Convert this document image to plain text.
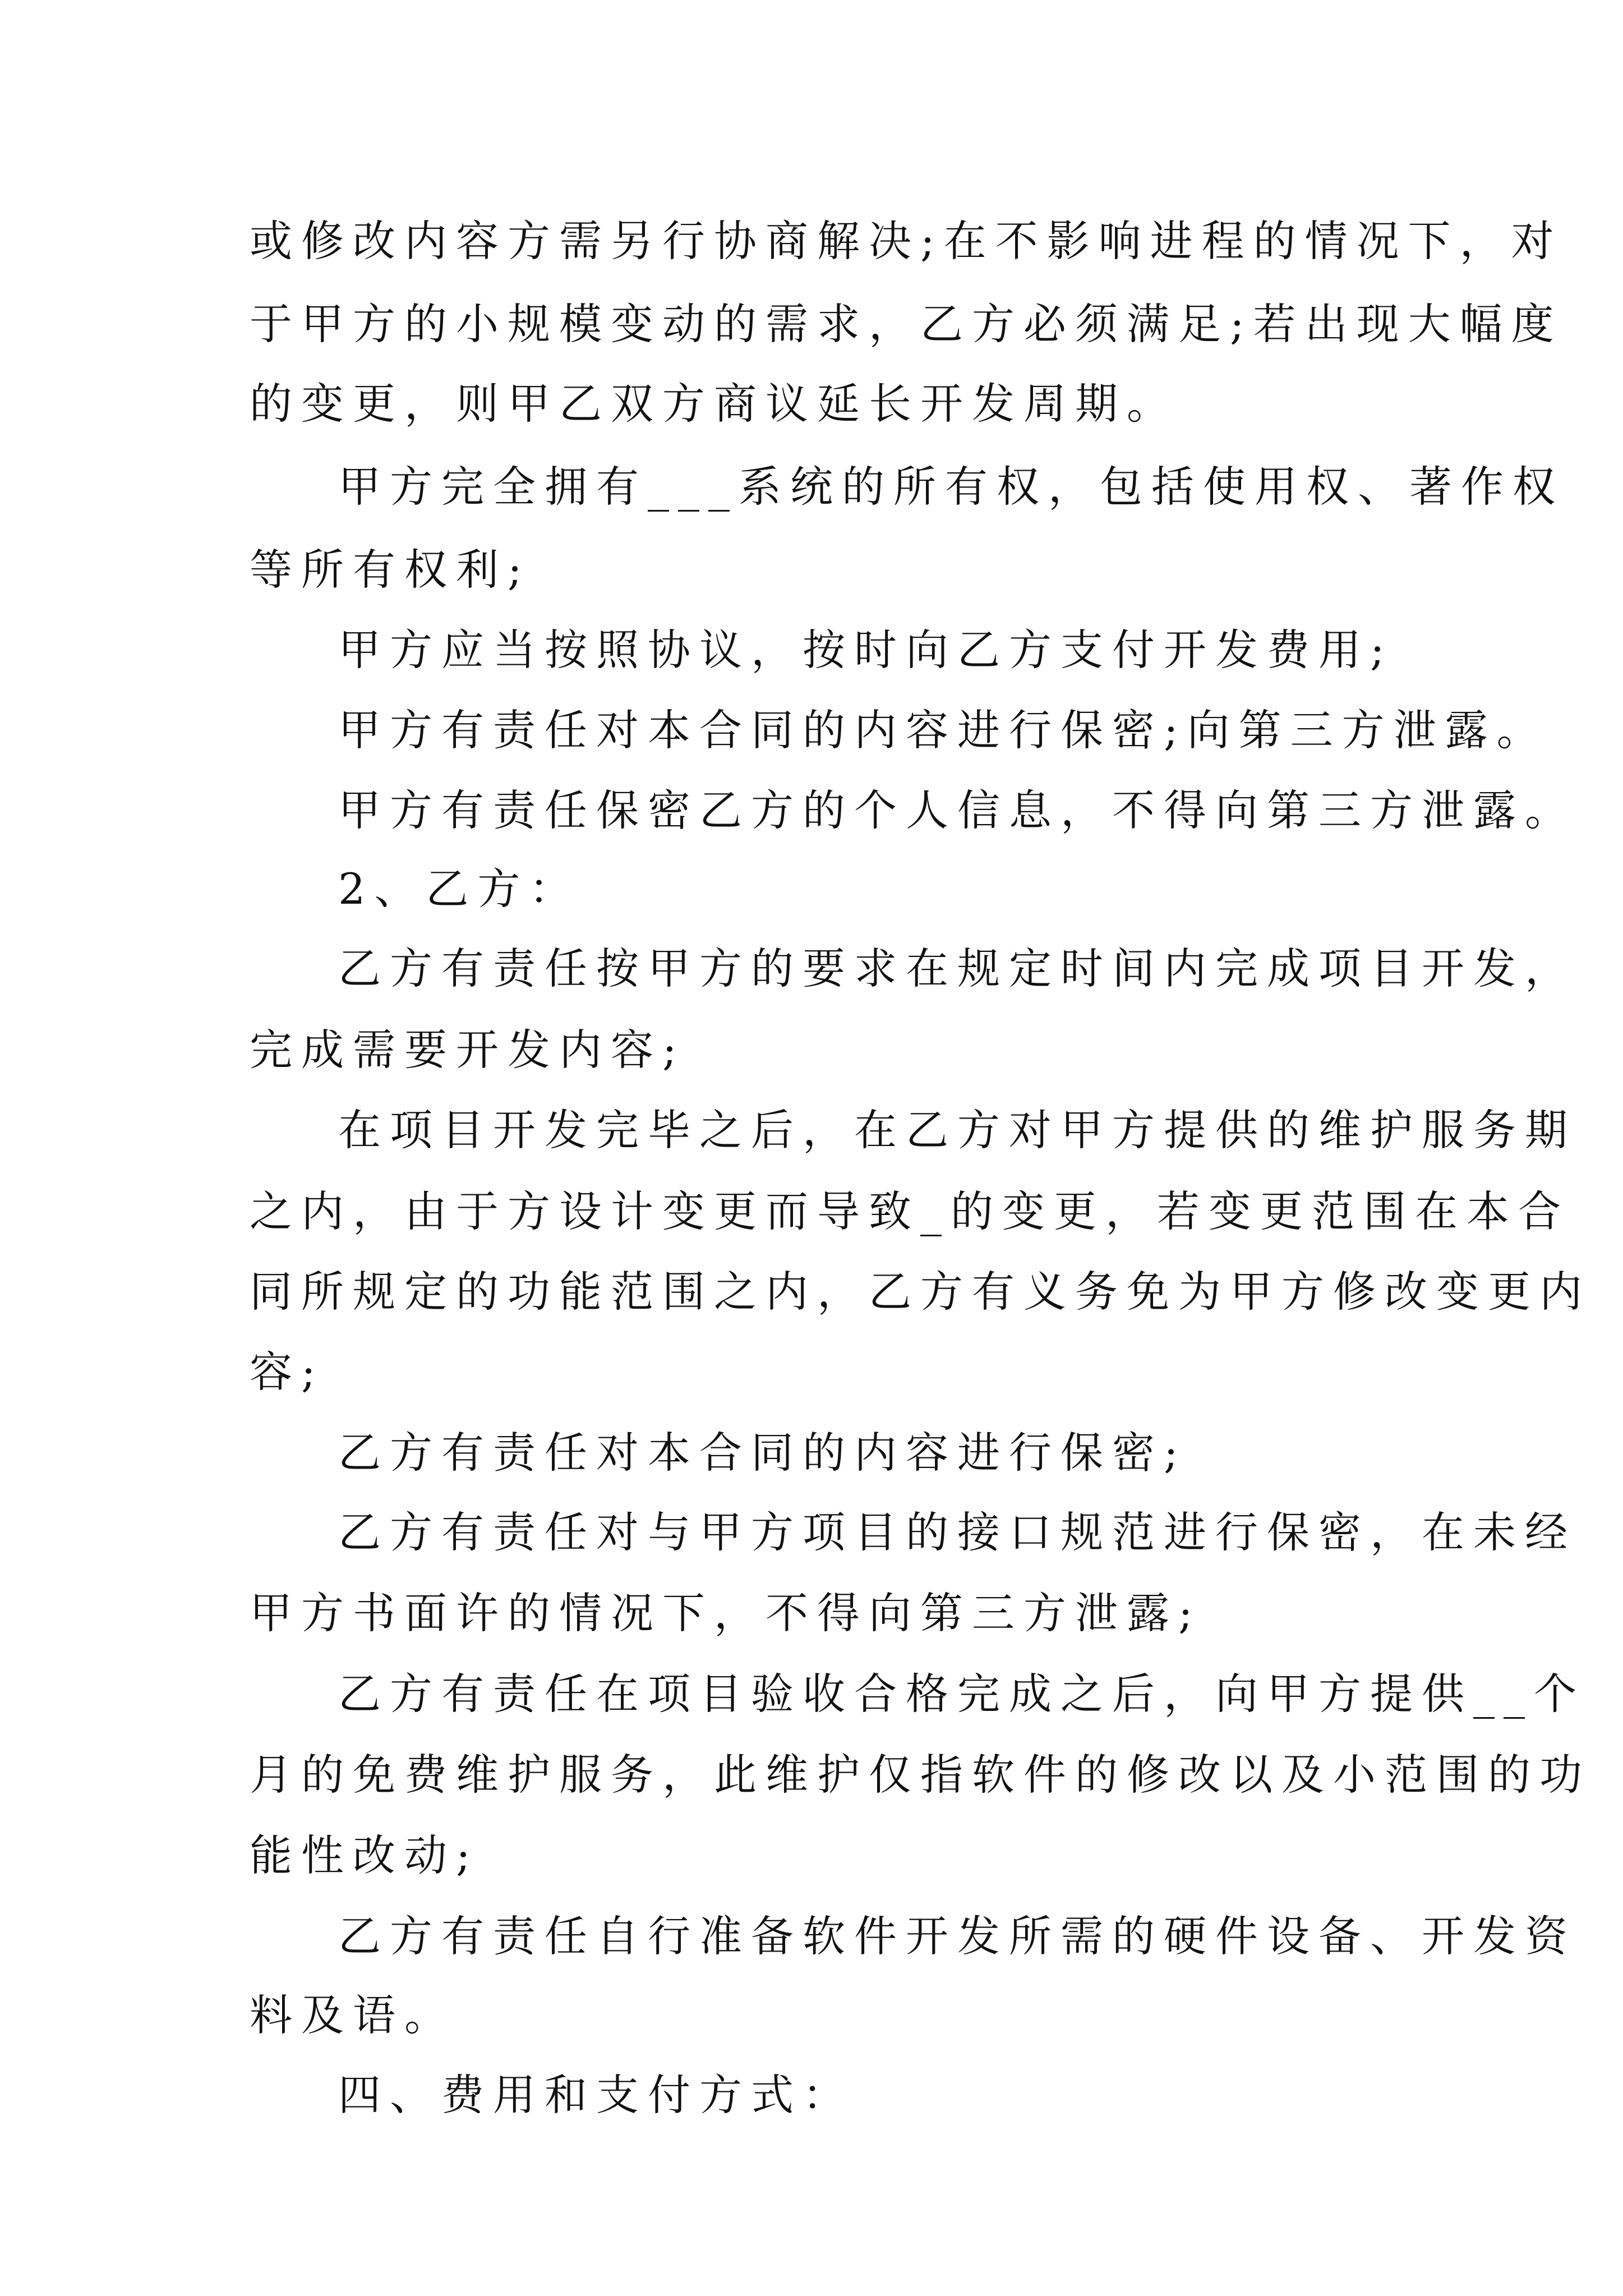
或修改内容方需另行协商解决;在不影响进程的情况下，对
于甲方的小规模变动的需求，乙方必须满足;若出现大幅度
的变更，则甲乙双方商议延长开发周期。
甲方完全拥有___系统的所有权，包括使用权、著作权
等所有权利;
甲方应当按照协议，按时向乙方支付开发费用;
甲方有责任对本合同的内容进行保密;向第三方泄露。
甲方有责任保密乙方的个人信息，不得向第三方泄露。
2、乙方：
乙方有责任按甲方的要求在规定时间内完成项目开发，
完成需要开发内容;
在项目开发完毕之后，在乙方对甲方提供的维护服务期
之内，由于方设计变更而导致_的变更，若变更范围在本合
同所规定的功能范围之内，乙方有义务免为甲方修改变更内
容;
乙方有责任对本合同的内容进行保密;
乙方有责任对与甲方项目的接口规范进行保密，在未经
甲方书面许的情况下，不得向第三方泄露;
乙方有责任在项目验收合格完成之后，向甲方提供__个
月的免费维护服务，此维护仅指软件的修改以及小范围的功
能性改动;
乙方有责任自行准备软件开发所需的硬件设备、开发资
料及语。
四、费用和支付方式：
